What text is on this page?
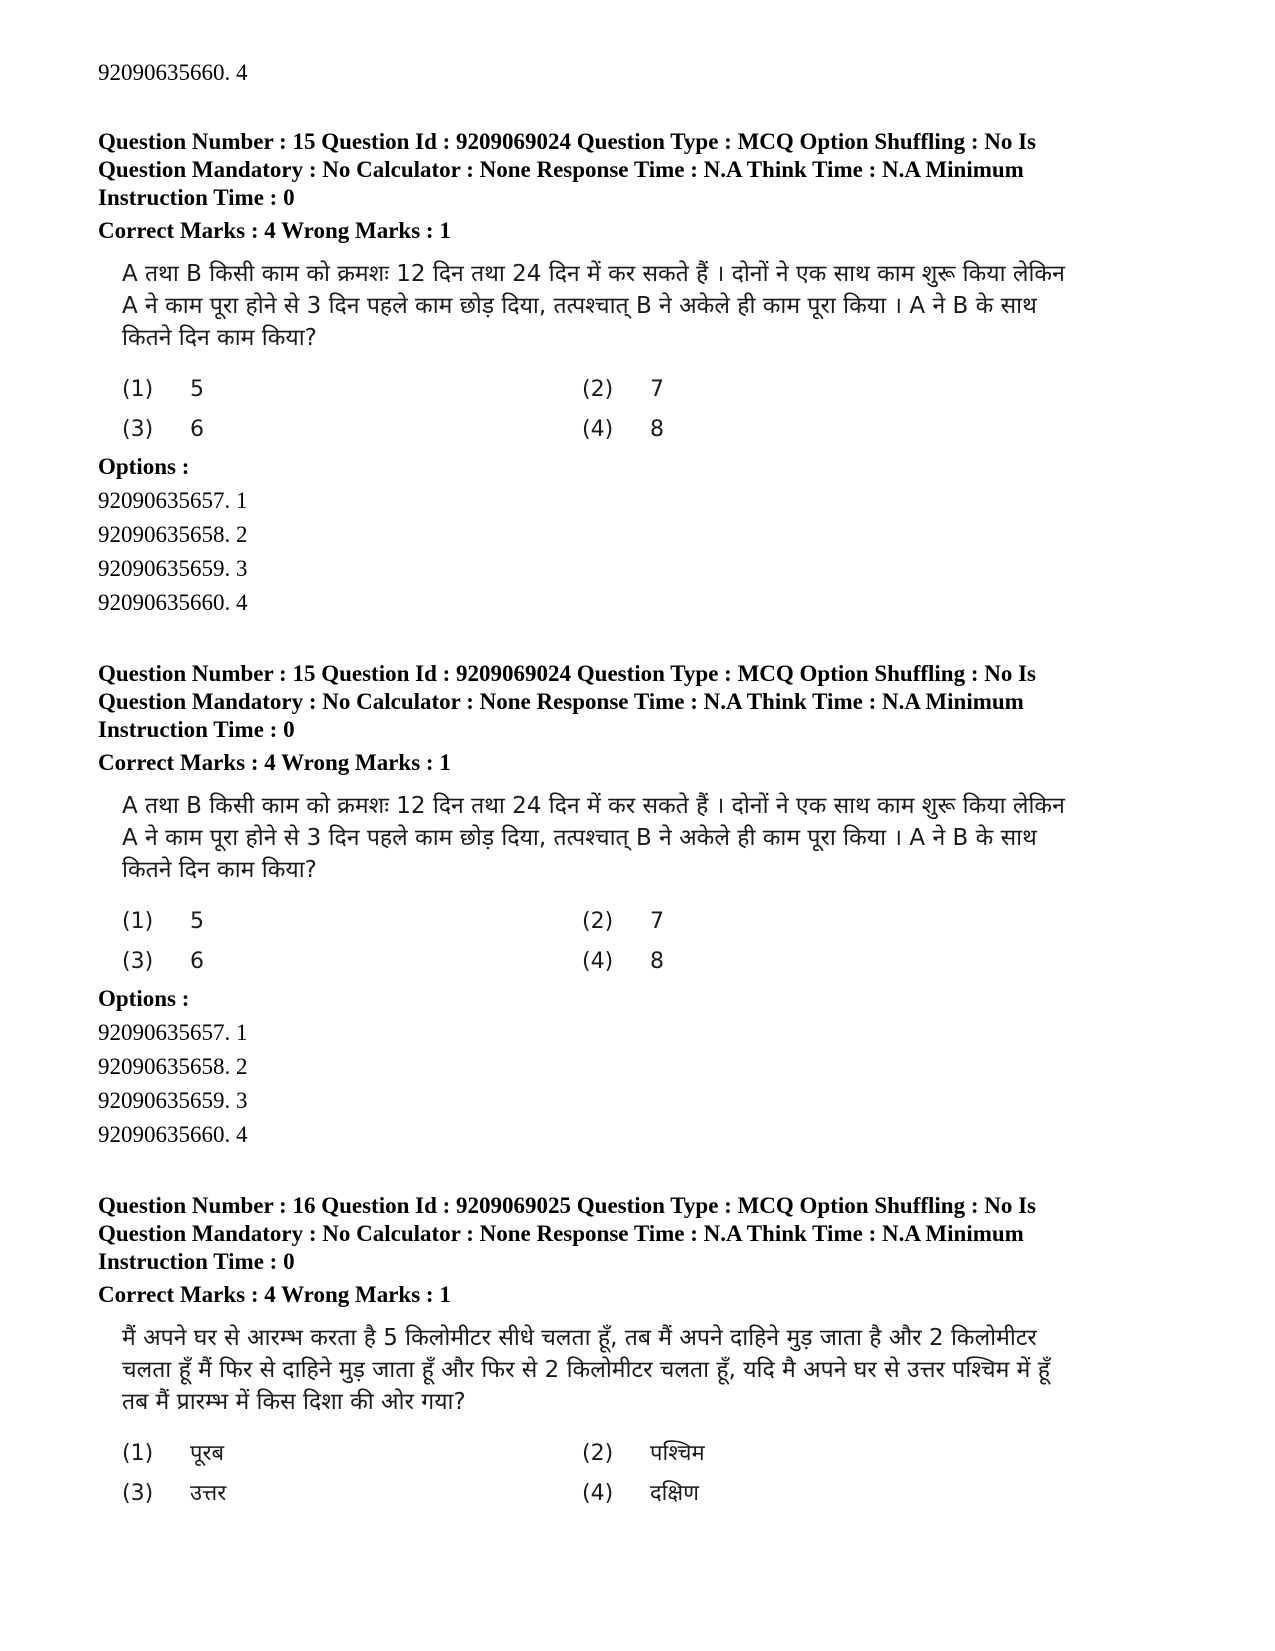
92090635660. 4

Question Number : 15 Question Id : 9209069024 Question Type : MCQ Option Shuffling : No Is

Question Mandatory : No Calculator : None Response Time : N.A Think Time : N.A Minimum

Instruction Time : 0

Correct Marks : 4 Wrong Marks : 1

A तथा B किसी काम को क्रमशः 12 दिन तथा 24 दिन में कर सकते हैं । दोनों ने एक साथ काम शुरू किया लेकिन A ने काम पूरा होने से 3 दिन पहले काम छोड़ दिया, तत्पश्चात् B ने अकेले ही काम पूरा किया । A ने B के साथ कितने दिन काम किया?

(1)	5	(2)	7
(3)	6	(4)	8

Options :

92090635657. 1

92090635658. 2

92090635659. 3

92090635660. 4

Question Number : 15 Question Id : 9209069024 Question Type : MCQ Option Shuffling : No Is

Question Mandatory : No Calculator : None Response Time : N.A Think Time : N.A Minimum

Instruction Time : 0

Correct Marks : 4 Wrong Marks : 1

A तथा B किसी काम को क्रमशः 12 दिन तथा 24 दिन में कर सकते हैं । दोनों ने एक साथ काम शुरू किया लेकिन A ने काम पूरा होने से 3 दिन पहले काम छोड़ दिया, तत्पश्चात् B ने अकेले ही काम पूरा किया । A ने B के साथ कितने दिन काम किया?

(1)	5	(2)	7
(3)	6	(4)	8

Options :

92090635657. 1

92090635658. 2

92090635659. 3

92090635660. 4

Question Number : 16 Question Id : 9209069025 Question Type : MCQ Option Shuffling : No Is

Question Mandatory : No Calculator : None Response Time : N.A Think Time : N.A Minimum

Instruction Time : 0

Correct Marks : 4 Wrong Marks : 1

मैं अपने घर से आरम्भ करता है 5 किलोमीटर सीधे चलता हूँ, तब मैं अपने दाहिने मुड़ जाता है और 2 किलोमीटर चलता हूँ मैं फिर से दाहिने मुड़ जाता हूँ और फिर से 2 किलोमीटर चलता हूँ, यदि मै अपने घर से उत्तर पश्चिम में हूँ तब मैं प्रारम्भ में किस दिशा की ओर गया?

(1)	पूरब	(2)	पश्चिम
(3)	उत्तर	(4)	दक्षिण
